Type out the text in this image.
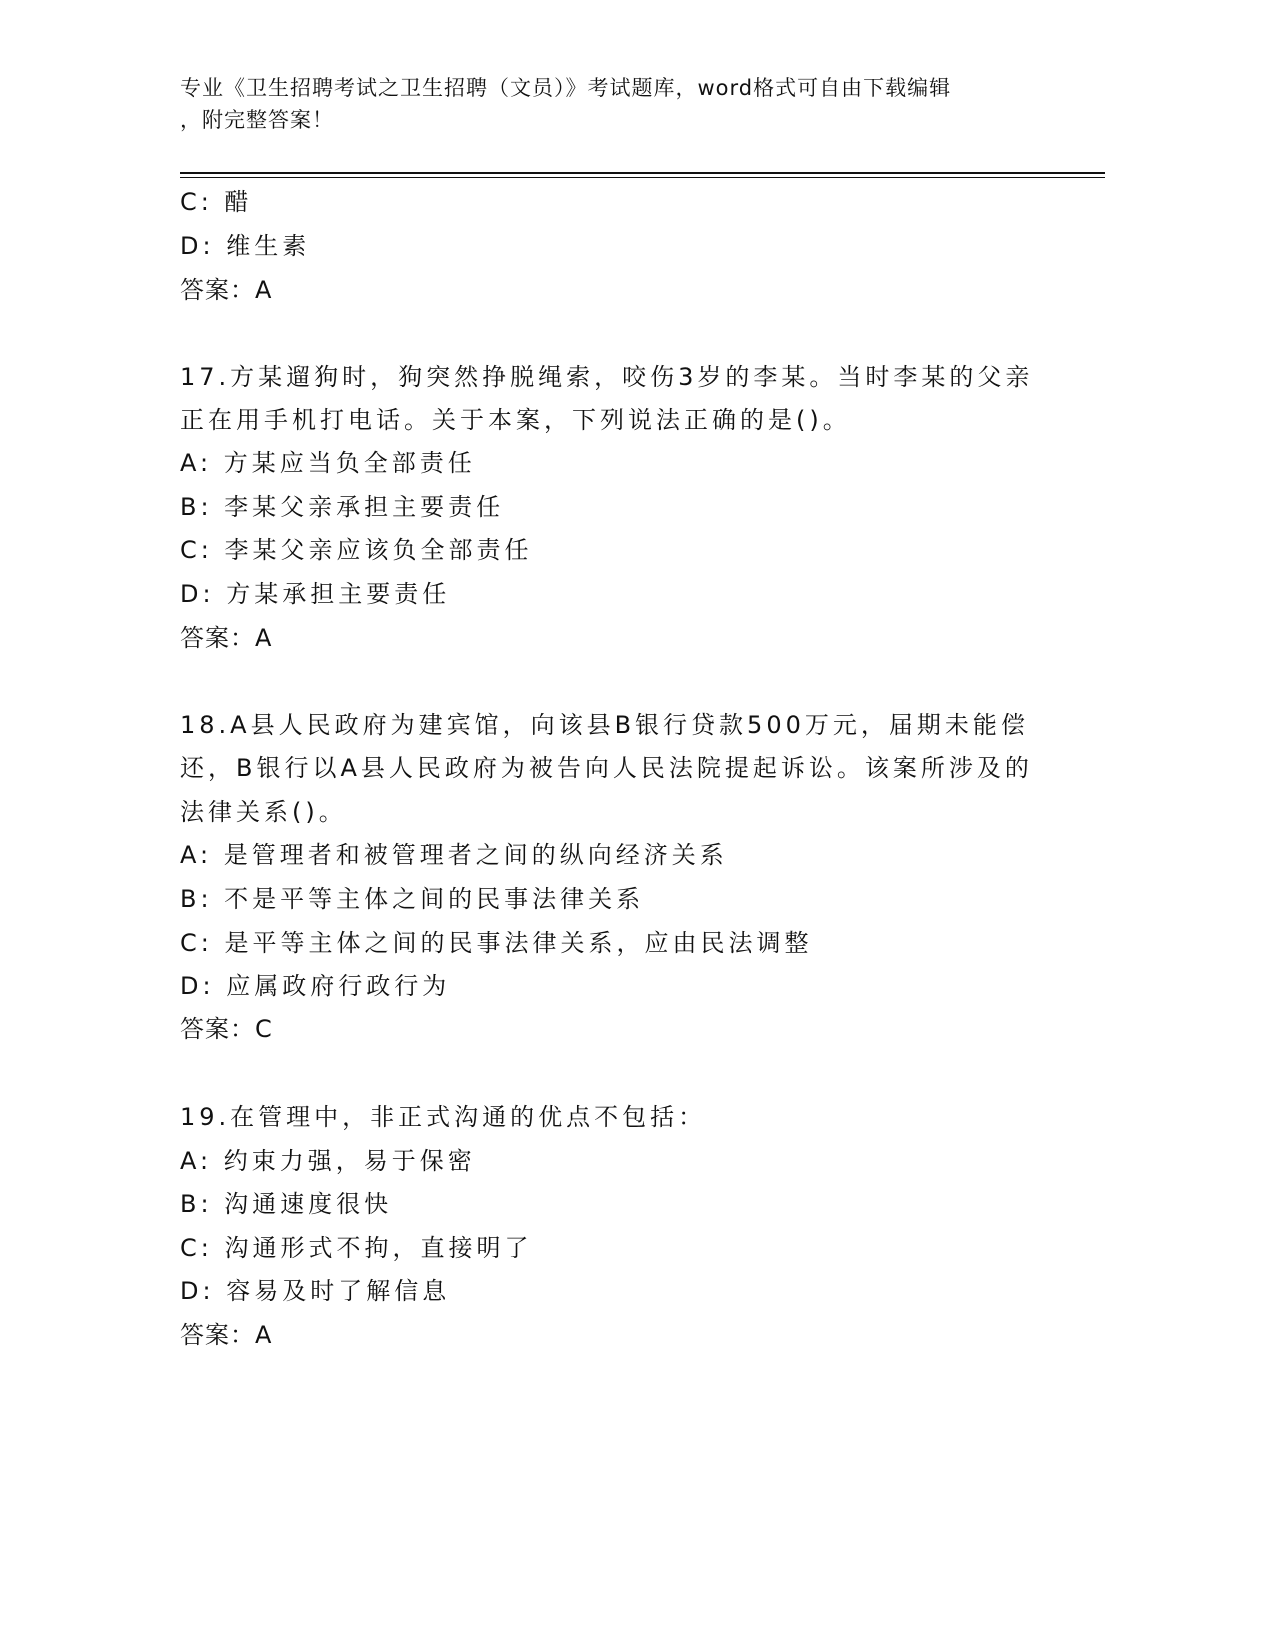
专业《卫生招聘考试之卫生招聘（文员）》考试题库，word格式可自由下载编辑
，附完整答案！
C: 醋
D: 维生素
答案：A
17.方某遛狗时，狗突然挣脱绳索，咬伤3岁的李某。当时李某的父亲
正在用手机打电话。关于本案，下列说法正确的是()。
A: 方某应当负全部责任
B: 李某父亲承担主要责任
C: 李某父亲应该负全部责任
D: 方某承担主要责任
答案：A
18.A县人民政府为建宾馆，向该县B银行贷款500万元，届期未能偿
还，B银行以A县人民政府为被告向人民法院提起诉讼。该案所涉及的
法律关系()。
A: 是管理者和被管理者之间的纵向经济关系
B: 不是平等主体之间的民事法律关系
C: 是平等主体之间的民事法律关系，应由民法调整
D: 应属政府行政行为
答案：C
19.在管理中，非正式沟通的优点不包括：
A: 约束力强，易于保密
B: 沟通速度很快
C: 沟通形式不拘，直接明了
D: 容易及时了解信息
答案：A
